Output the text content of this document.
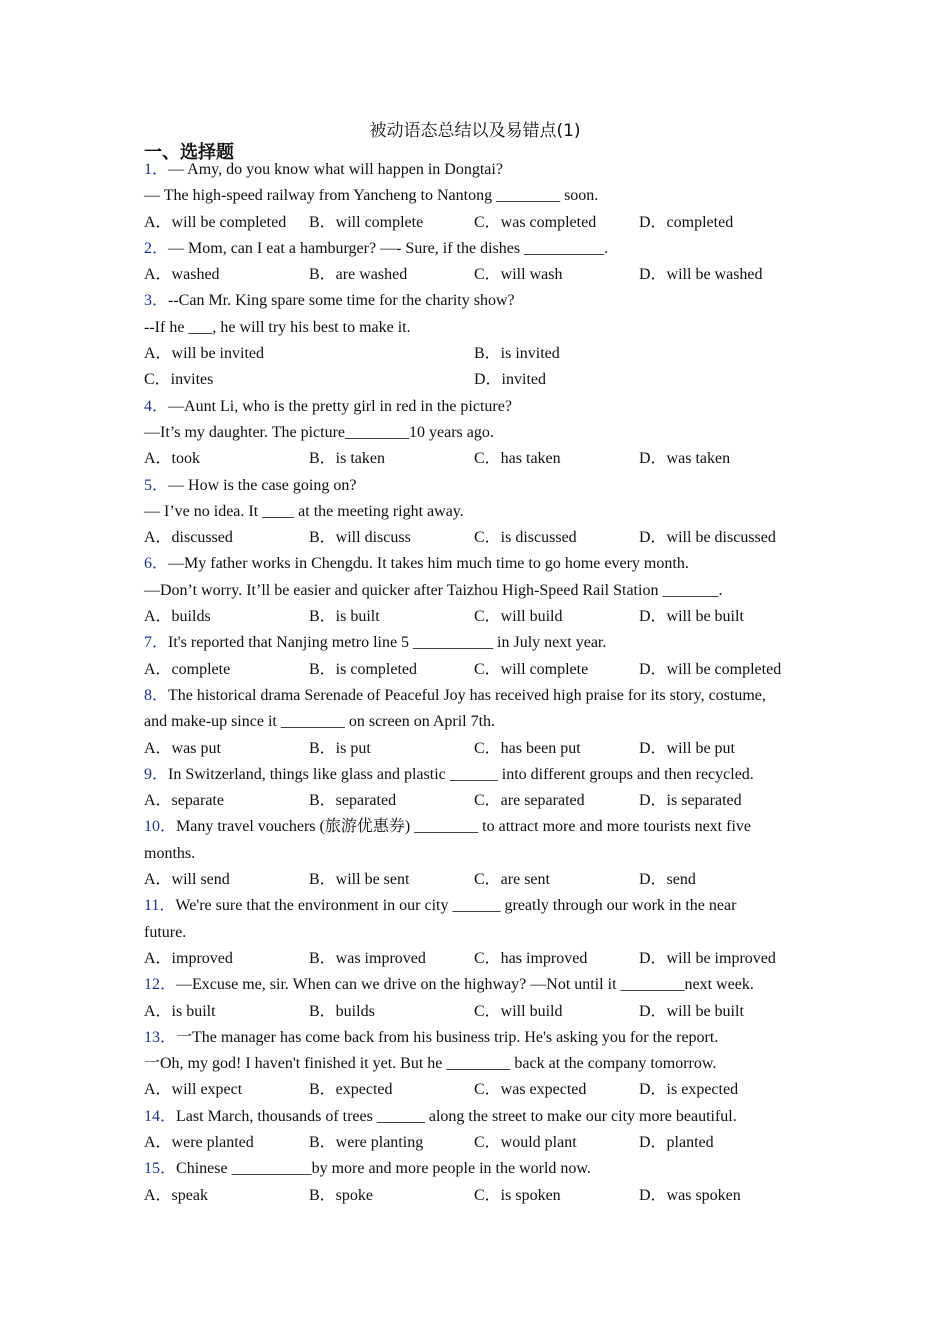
被动语态总结以及易错点(1)
一、选择题
1．— Amy, do you know what will happen in Dongtai?
— The high-speed railway from Yancheng to Nantong ________ soon.
A．will be completed	B．will complete	C．was completed	D．completed
2．— Mom, can I eat a hamburger? —- Sure, if the dishes __________.
A．washed	B．are washed	C．will wash	D．will be washed
3．--Can Mr. King spare some time for the charity show?
--If he ___, he will try his best to make it.
A．will be invited	B．is invited
C．invites	D．invited
4．—Aunt Li, who is the pretty girl in red in the picture?
—It’s my daughter. The picture________10 years ago.
A．took	B．is taken	C．has taken	D．was taken
5．— How is the case going on?
— I’ve no idea. It ____ at the meeting right away.
A．discussed	B．will discuss	C．is discussed	D．will be discussed
6．—My father works in Chengdu. It takes him much time to go home every month.
—Don’t worry. It’ll be easier and quicker after Taizhou High-Speed Rail Station _______.
A．builds	B．is built	C．will build	D．will be built
7．It's reported that Nanjing metro line 5 __________ in July next year.
A．complete	B．is completed	C．will complete	D．will be completed
8．The historical drama Serenade of Peaceful Joy has received high praise for its story, costume,
and make-up since it ________ on screen on April 7th.
A．was put	B．is put	C．has been put	D．will be put
9．In Switzerland, things like glass and plastic ______ into different groups and then recycled.
A．separate	B．separated	C．are separated	D．is separated
10．Many travel vouchers (旅游优惠券) ________ to attract more and more tourists next five
months.
A．will send	B．will be sent	C．are sent	D．send
11．We're sure that the environment in our city ______ greatly through our work in the near
future.
A．improved	B．was improved	C．has improved	D．will be improved
12．—Excuse me, sir. When can we drive on the highway? —Not until it ________next week.
A．is built	B．builds	C．will build	D．will be built
13．一The manager has come back from his business trip. He's asking you for the report.
一Oh, my god! I haven't finished it yet. But he ________ back at the company tomorrow.
A．will expect	B．expected	C．was expected	D．is expected
14．Last March, thousands of trees ______ along the street to make our city more beautiful.
A．were planted	B．were planting	C．would plant	D．planted
15．Chinese __________by more and more people in the world now.
A．speak	B．spoke	C．is spoken	D．was spoken
